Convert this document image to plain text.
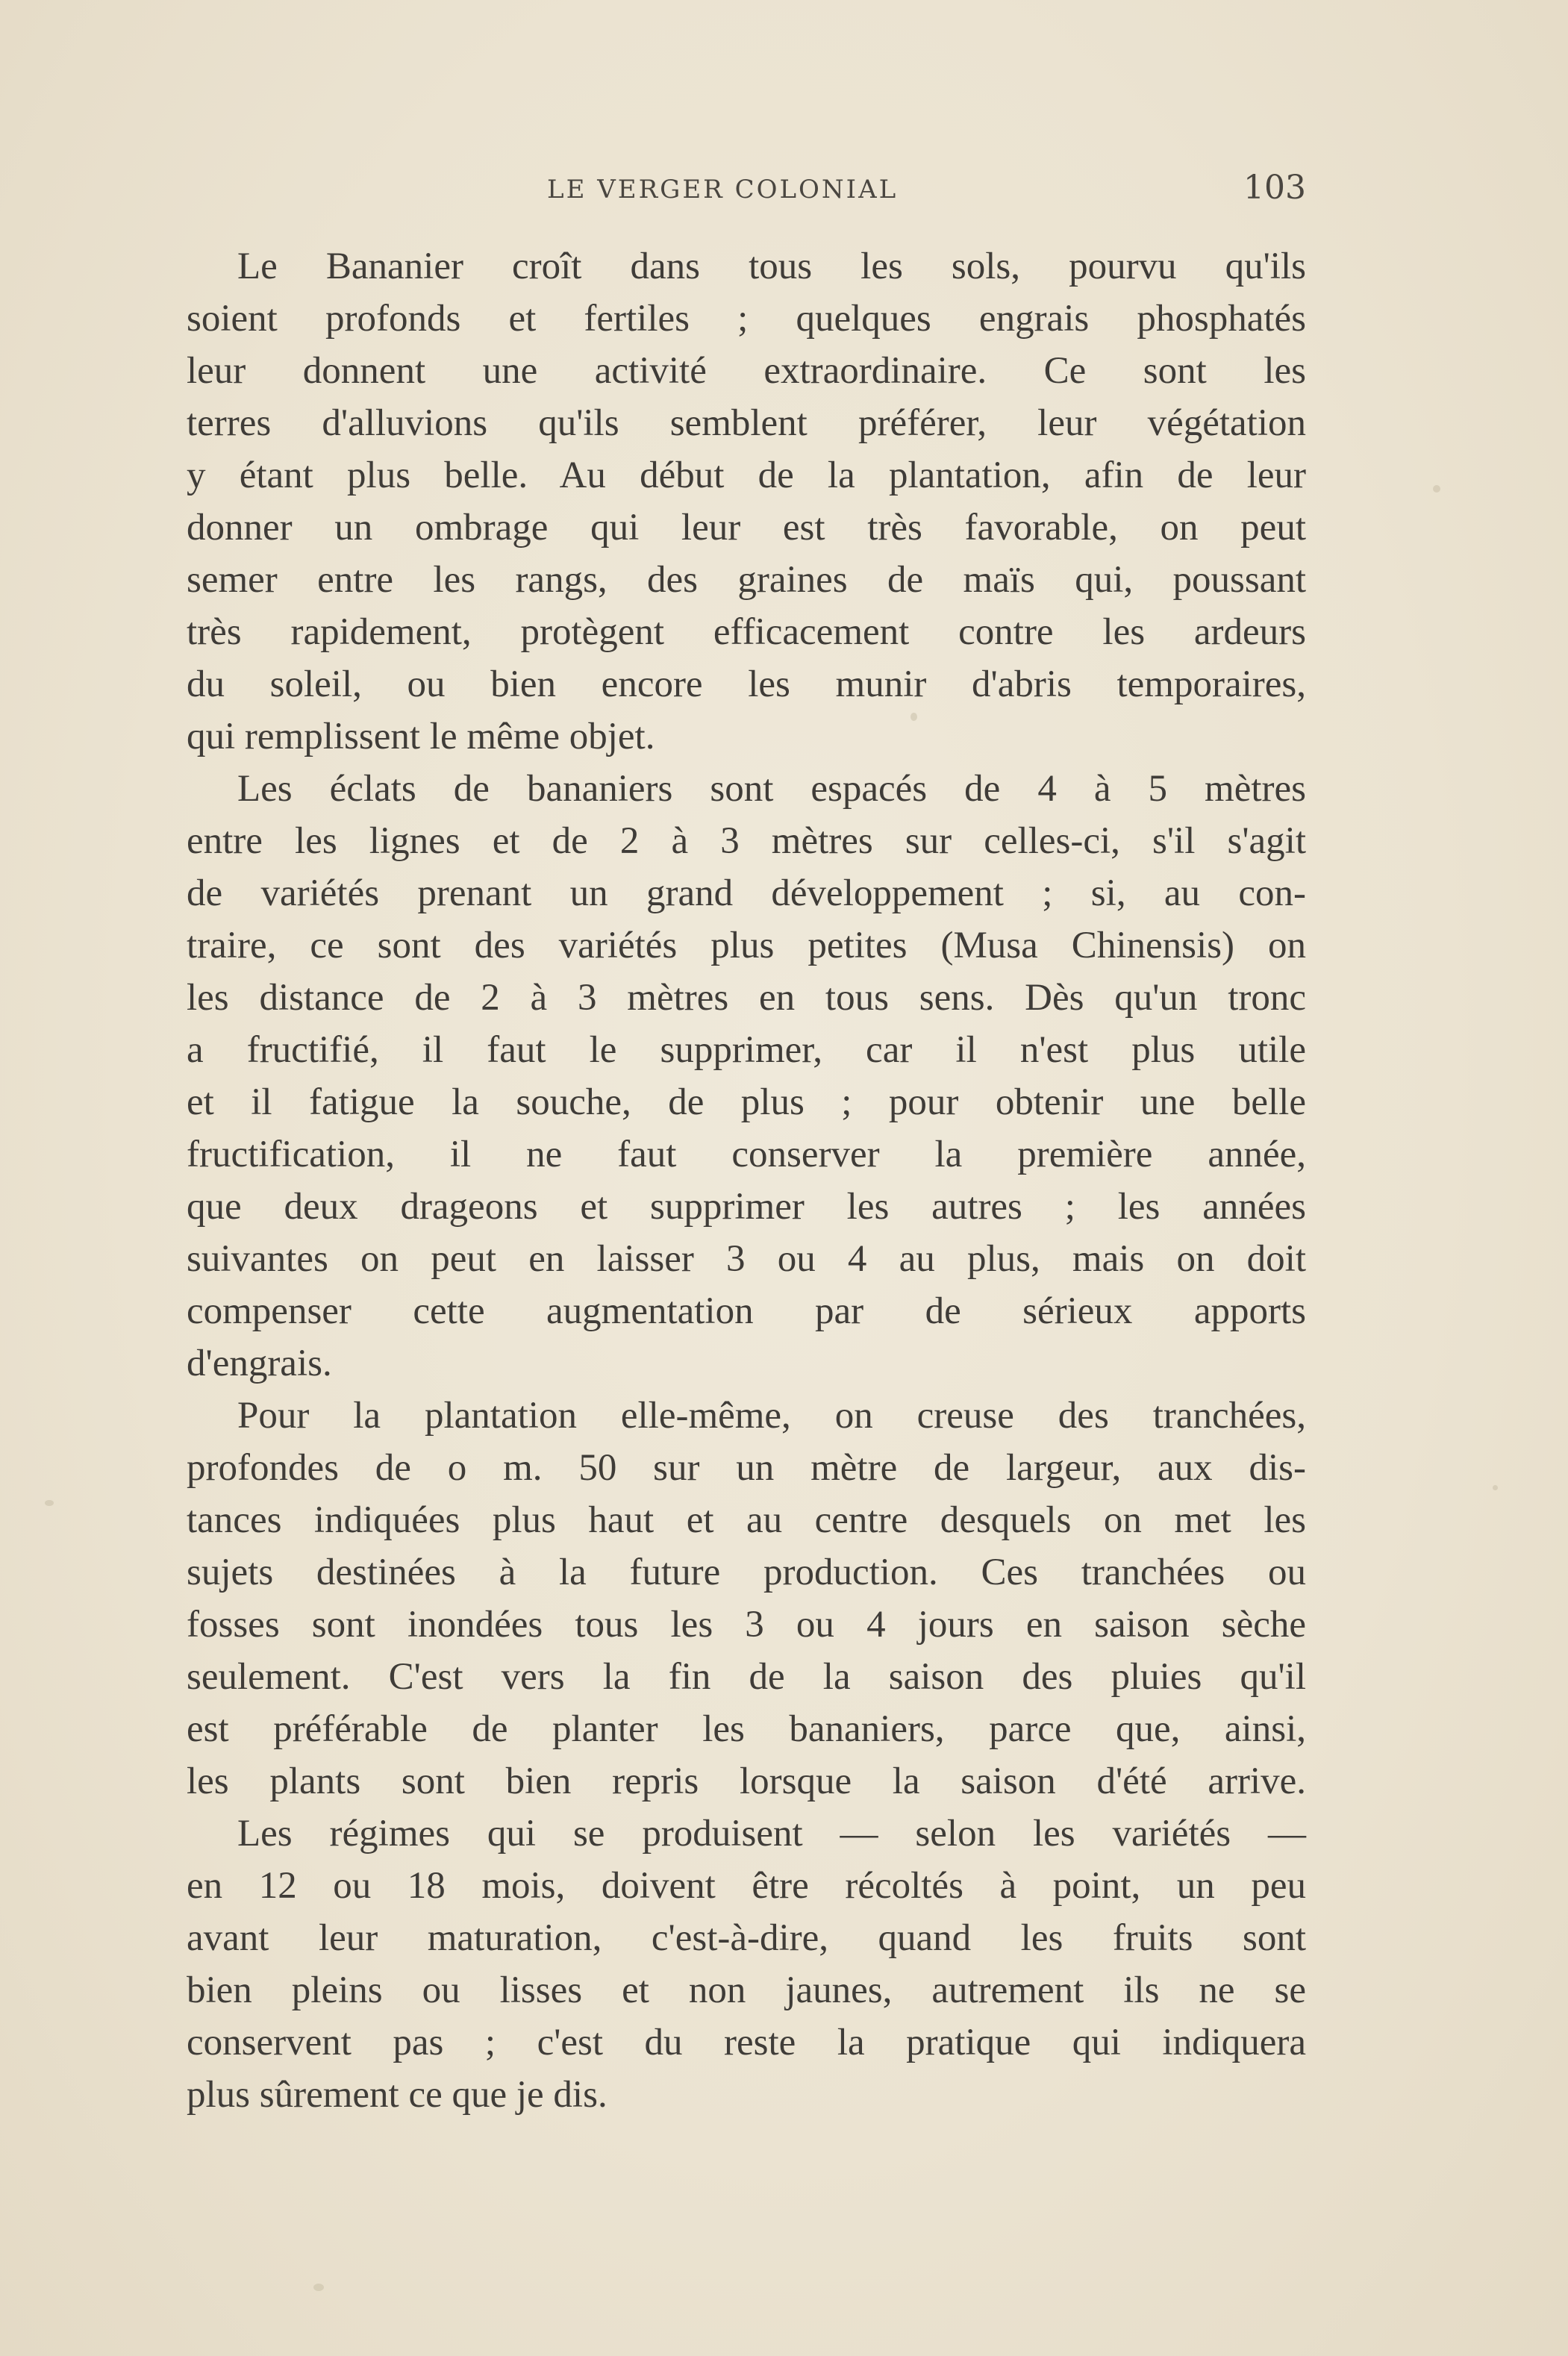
LE VERGER COLONIAL	103
Le Bananier croît dans tous les sols, pourvu qu'ils
soient profonds et fertiles ; quelques engrais phosphatés
leur donnent une activité extraordinaire. Ce sont les
terres d'alluvions qu'ils semblent préférer, leur végétation
y étant plus belle. Au début de la plantation, afin de leur
donner un ombrage qui leur est très favorable, on peut
semer entre les rangs, des graines de maïs qui, poussant
très rapidement, protègent efficacement contre les ardeurs
du soleil, ou bien encore les munir d'abris temporaires,
qui remplissent le même objet.
Les éclats de bananiers sont espacés de 4 à 5 mètres
entre les lignes et de 2 à 3 mètres sur celles-ci, s'il s'agit
de variétés prenant un grand développement ; si, au con-
traire, ce sont des variétés plus petites (Musa Chinensis) on
les distance de 2 à 3 mètres en tous sens. Dès qu'un tronc
a fructifié, il faut le supprimer, car il n'est plus utile
et il fatigue la souche, de plus ; pour obtenir une belle
fructification, il ne faut conserver la première année,
que deux drageons et supprimer les autres ; les années
suivantes on peut en laisser 3 ou 4 au plus, mais on doit
compenser cette augmentation par de sérieux apports
d'engrais.
Pour la plantation elle-même, on creuse des tranchées,
profondes de o m. 50 sur un mètre de largeur, aux dis-
tances indiquées plus haut et au centre desquels on met les
sujets destinées à la future production. Ces tranchées ou
fosses sont inondées tous les 3 ou 4 jours en saison sèche
seulement. C'est vers la fin de la saison des pluies qu'il
est préférable de planter les bananiers, parce que, ainsi,
les plants sont bien repris lorsque la saison d'été arrive.
Les régimes qui se produisent — selon les variétés —
en 12 ou 18 mois, doivent être récoltés à point, un peu
avant leur maturation, c'est-à-dire, quand les fruits sont
bien pleins ou lisses et non jaunes, autrement ils ne se
conservent pas ; c'est du reste la pratique qui indiquera
plus sûrement ce que je dis.
